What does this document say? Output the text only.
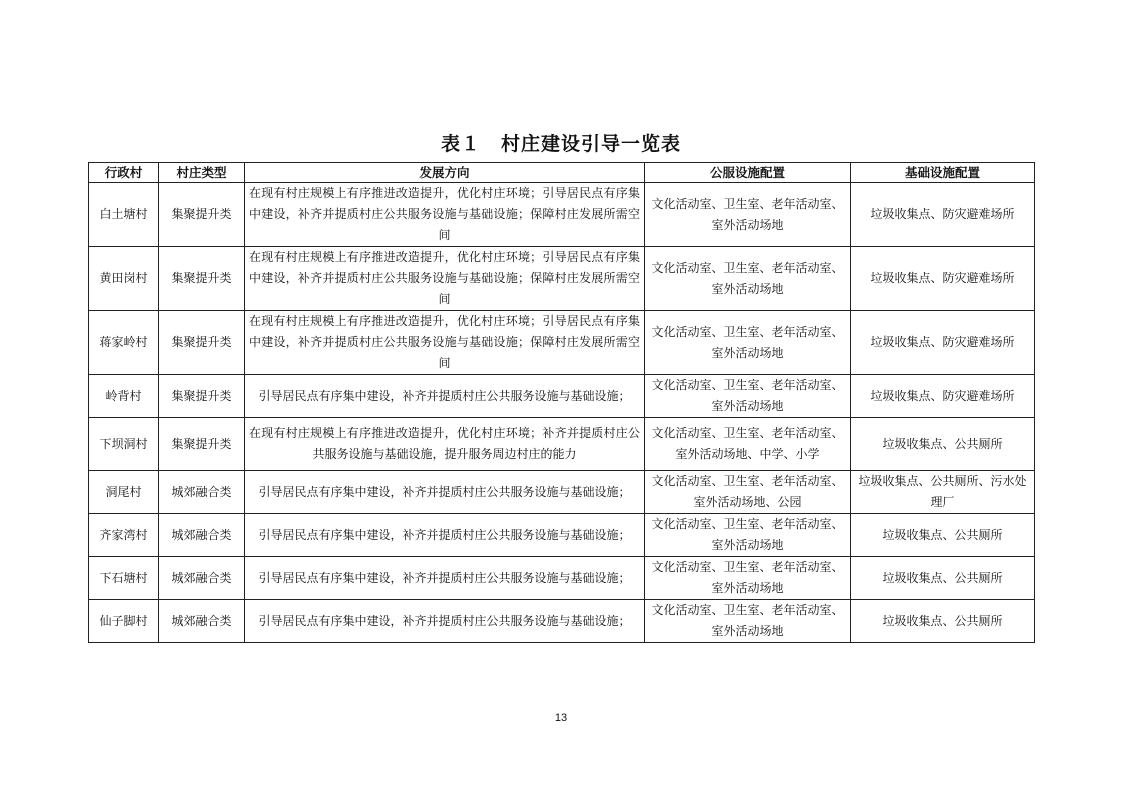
表１　村庄建设引导一览表
行政村	村庄类型	发展方向	公服设施配置	基础设施配置
白土塘村	集聚提升类	在现有村庄规模上有序推进改造提升，优化村庄环境；引导居民点有序集中建设，补齐并提质村庄公共服务设施与基础设施；保障村庄发展所需空间	文化活动室、卫生室、老年活动室、室外活动场地	垃圾收集点、防灾避难场所
黄田岗村	集聚提升类	在现有村庄规模上有序推进改造提升，优化村庄环境；引导居民点有序集中建设，补齐并提质村庄公共服务设施与基础设施；保障村庄发展所需空间	文化活动室、卫生室、老年活动室、室外活动场地	垃圾收集点、防灾避难场所
蒋家岭村	集聚提升类	在现有村庄规模上有序推进改造提升，优化村庄环境；引导居民点有序集中建设，补齐并提质村庄公共服务设施与基础设施；保障村庄发展所需空间	文化活动室、卫生室、老年活动室、室外活动场地	垃圾收集点、防灾避难场所
岭背村	集聚提升类	引导居民点有序集中建设，补齐并提质村庄公共服务设施与基础设施；	文化活动室、卫生室、老年活动室、室外活动场地	垃圾收集点、防灾避难场所
下坝洞村	集聚提升类	在现有村庄规模上有序推进改造提升，优化村庄环境；补齐并提质村庄公共服务设施与基础设施，提升服务周边村庄的能力	文化活动室、卫生室、老年活动室、室外活动场地、中学、小学	垃圾收集点、公共厕所
洞尾村	城郊融合类	引导居民点有序集中建设，补齐并提质村庄公共服务设施与基础设施；	文化活动室、卫生室、老年活动室、室外活动场地、公园	垃圾收集点、公共厕所、污水处理厂
齐家湾村	城郊融合类	引导居民点有序集中建设，补齐并提质村庄公共服务设施与基础设施；	文化活动室、卫生室、老年活动室、室外活动场地	垃圾收集点、公共厕所
下石塘村	城郊融合类	引导居民点有序集中建设，补齐并提质村庄公共服务设施与基础设施；	文化活动室、卫生室、老年活动室、室外活动场地	垃圾收集点、公共厕所
仙子脚村	城郊融合类	引导居民点有序集中建设，补齐并提质村庄公共服务设施与基础设施；	文化活动室、卫生室、老年活动室、室外活动场地	垃圾收集点、公共厕所
13
